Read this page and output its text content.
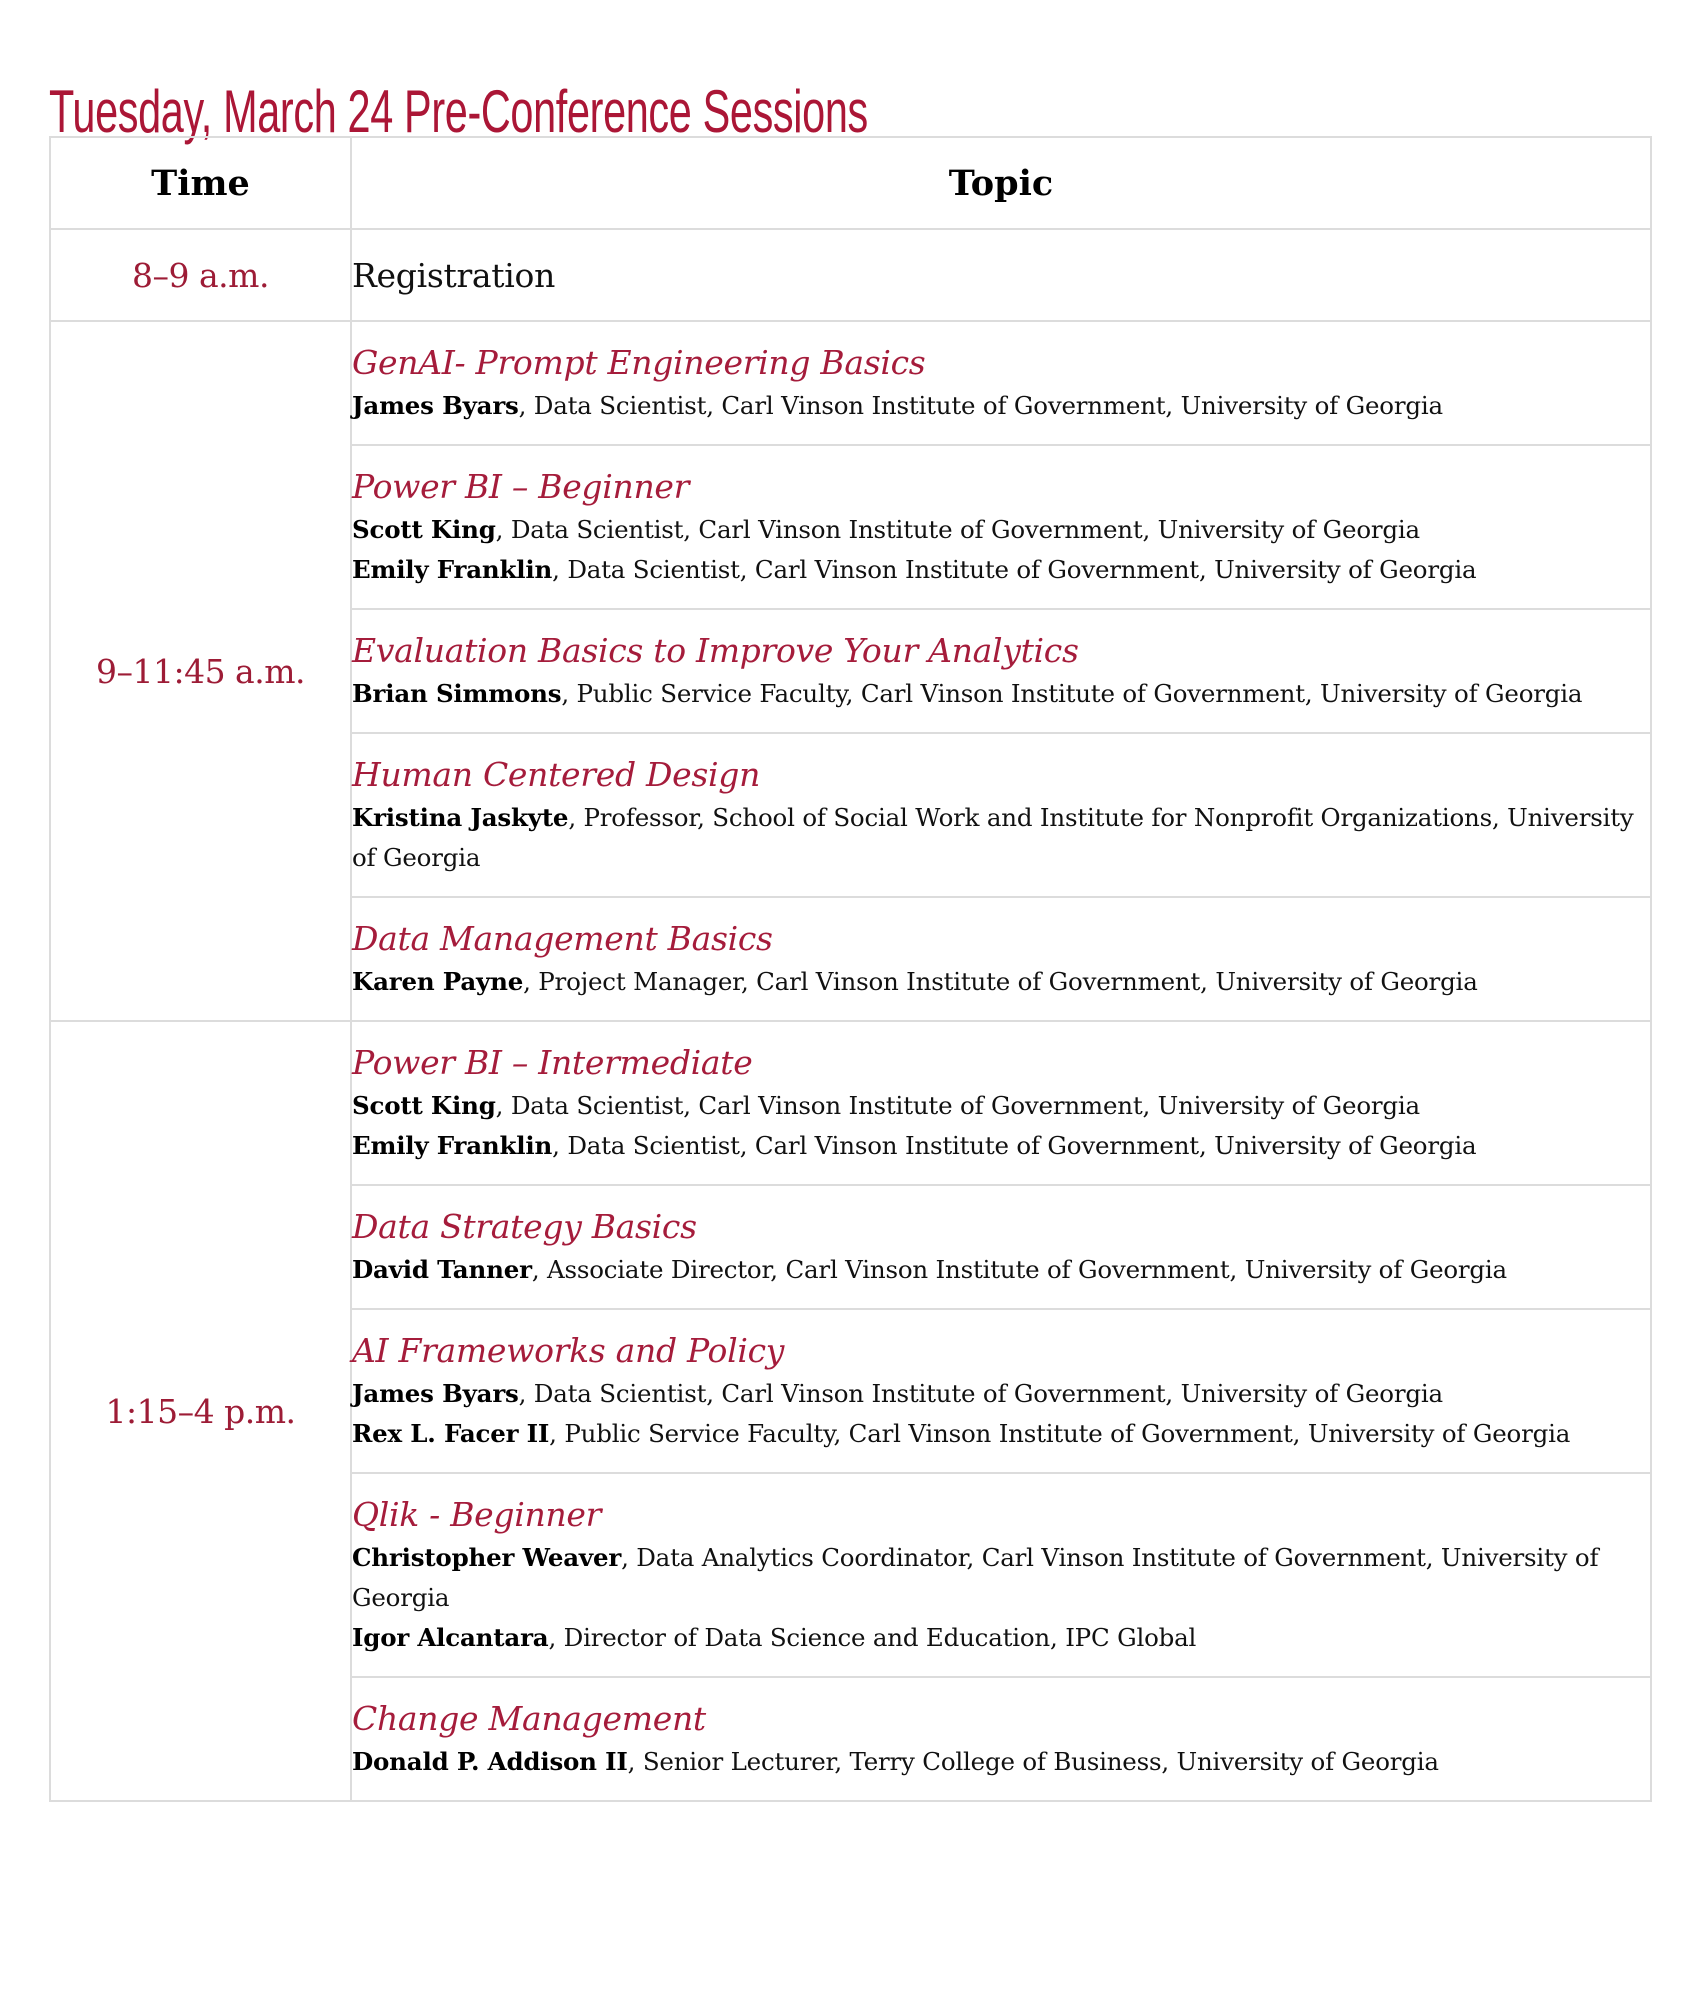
Tuesday, March 24 Pre-Conference Sessions
Time	Topic
8–9 a.m.	Registration
9–11:45 a.m.	GenAI- Prompt Engineering Basics
James Byars, Data Scientist, Carl Vinson Institute of Government, University of Georgia

	Power BI – Beginner
Scott King, Data Scientist, Carl Vinson Institute of Government, University of Georgia
Emily Franklin, Data Scientist, Carl Vinson Institute of Government, University of Georgia

	Evaluation Basics to Improve Your Analytics
Brian Simmons, Public Service Faculty, Carl Vinson Institute of Government, University of Georgia

	Human Centered Design
Kristina Jaskyte, Professor, School of Social Work and Institute for Nonprofit Organizations, University of Georgia

	Data Management Basics
Karen Payne, Project Manager, Carl Vinson Institute of Government, University of Georgia

1:15–4 p.m.	Power BI – Intermediate
Scott King, Data Scientist, Carl Vinson Institute of Government, University of Georgia
Emily Franklin, Data Scientist, Carl Vinson Institute of Government, University of Georgia

	Data Strategy Basics
David Tanner, Associate Director, Carl Vinson Institute of Government, University of Georgia

	AI Frameworks and Policy
James Byars, Data Scientist, Carl Vinson Institute of Government, University of Georgia
Rex L. Facer II, Public Service Faculty, Carl Vinson Institute of Government, University of Georgia

	Qlik - Beginner
Christopher Weaver, Data Analytics Coordinator, Carl Vinson Institute of Government, University of Georgia
Igor Alcantara, Director of Data Science and Education, IPC Global

	Change Management
Donald P. Addison II, Senior Lecturer, Terry College of Business, University of Georgia
